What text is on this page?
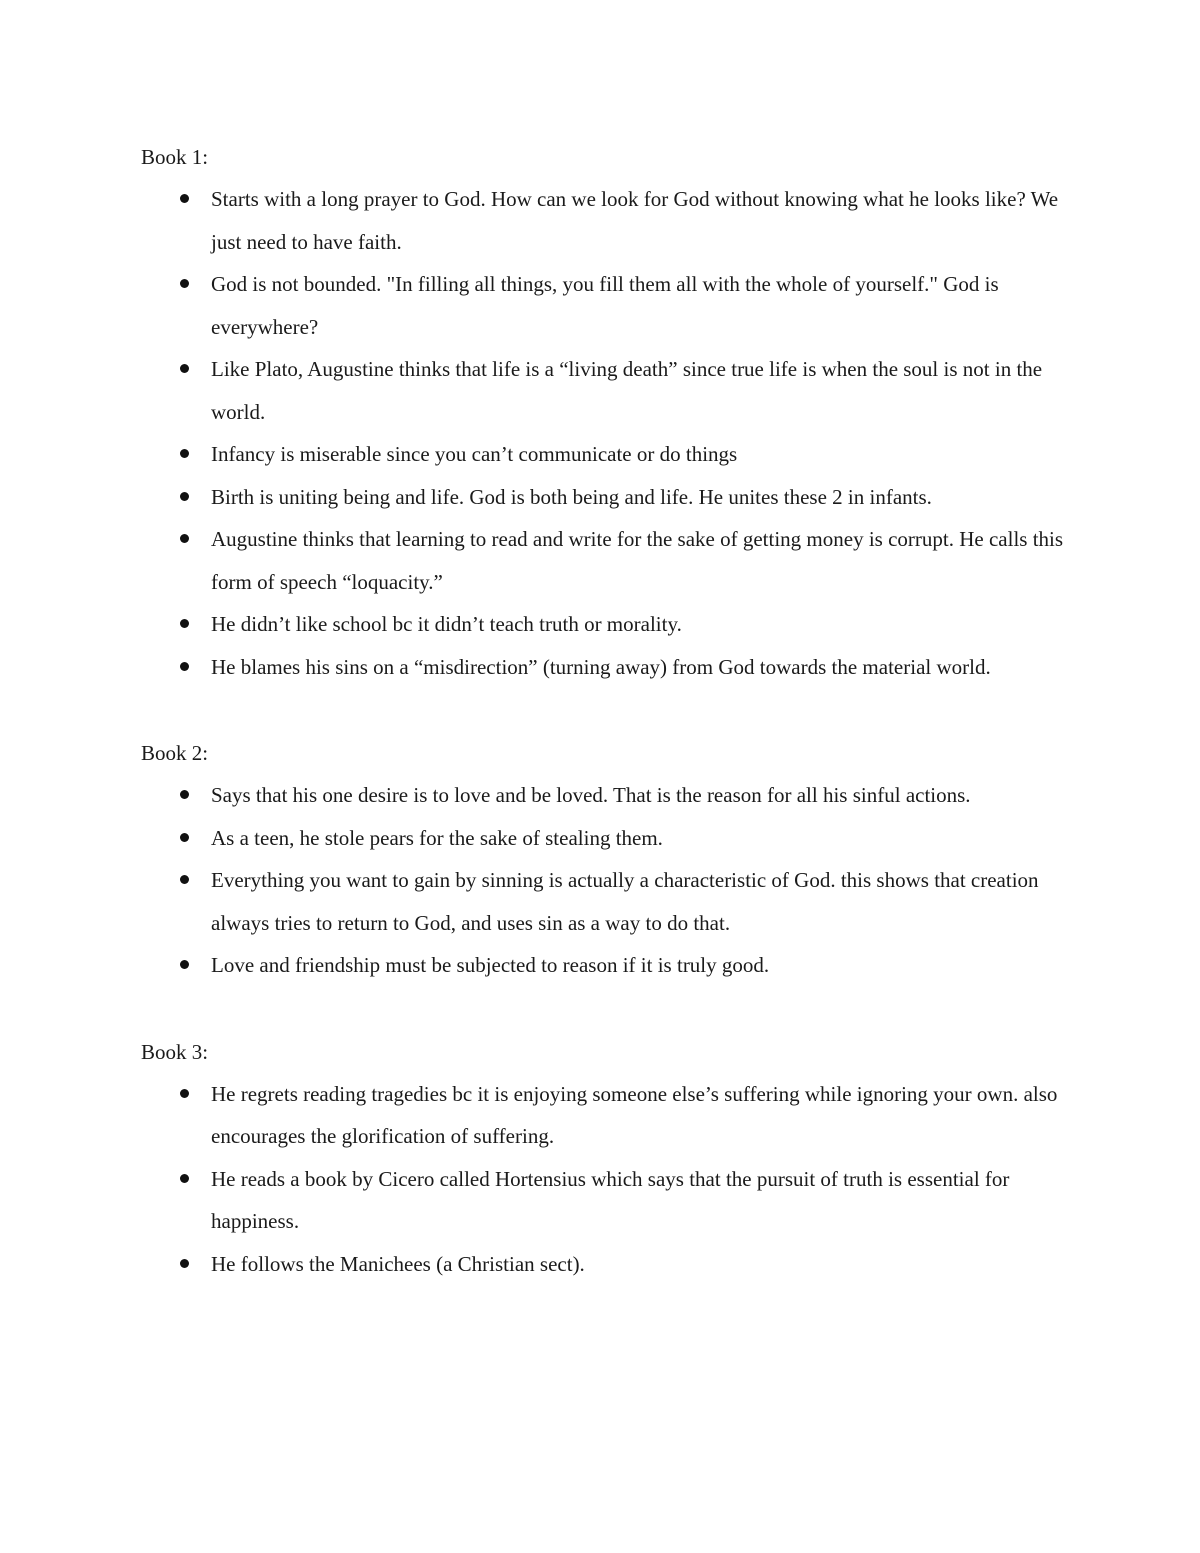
Book 1:

Starts with a long prayer to God. How can we look for God without knowing what he looks like? We just need to have faith.
God is not bounded. "In filling all things, you fill them all with the whole of yourself." God is everywhere?
Like Plato, Augustine thinks that life is a “living death” since true life is when the soul is not in the world.
Infancy is miserable since you can’t communicate or do things
Birth is uniting being and life. God is both being and life. He unites these 2 in infants.
Augustine thinks that learning to read and write for the sake of getting money is corrupt. He calls this form of speech “loquacity.”
He didn’t like school bc it didn’t teach truth or morality.
He blames his sins on a “misdirection” (turning away) from God towards the material world.

Book 2:

Says that his one desire is to love and be loved. That is the reason for all his sinful actions.
As a teen, he stole pears for the sake of stealing them.
Everything you want to gain by sinning is actually a characteristic of God. this shows that creation always tries to return to God, and uses sin as a way to do that.
Love and friendship must be subjected to reason if it is truly good.

Book 3:

He regrets reading tragedies bc it is enjoying someone else’s suffering while ignoring your own. also encourages the glorification of suffering.
He reads a book by Cicero called Hortensius which says that the pursuit of truth is essential for happiness.
He follows the Manichees (a Christian sect).
